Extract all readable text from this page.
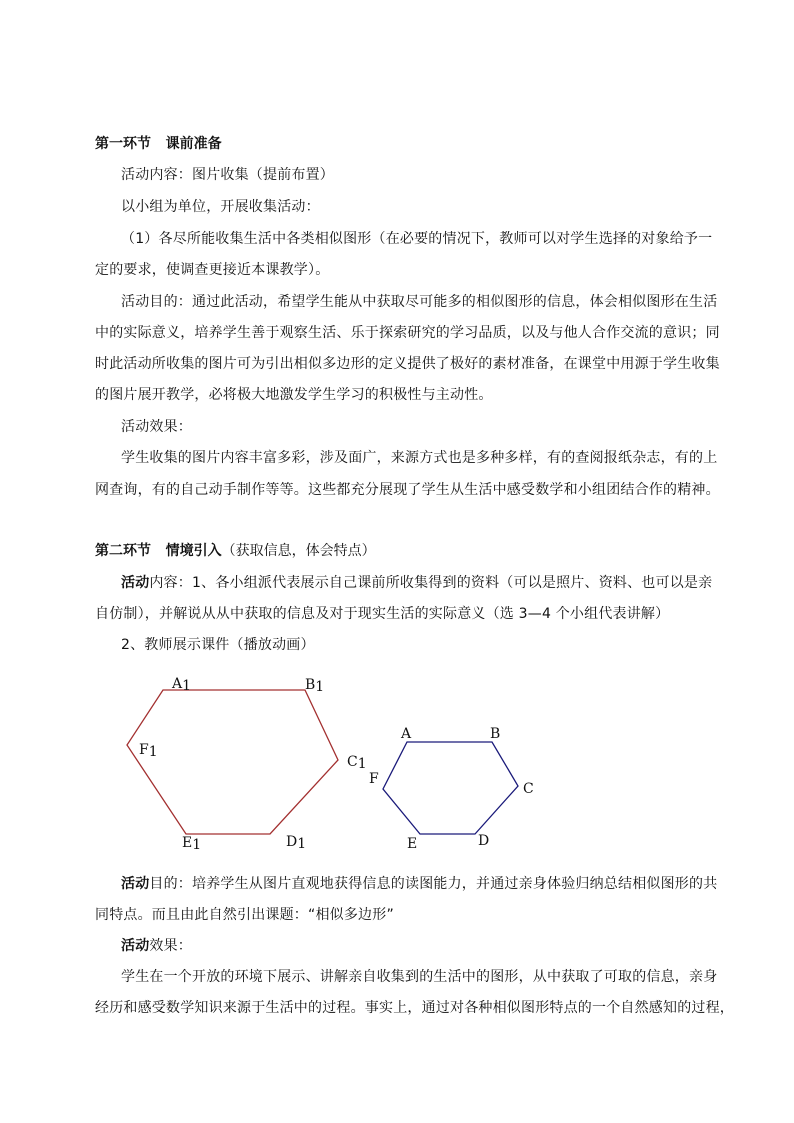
第一环节 课前准备
活动内容：图片收集（提前布置）
以小组为单位，开展收集活动：
（1）各尽所能收集生活中各类相似图形（在必要的情况下，教师可以对学生选择的对象给予一
定的要求，使调查更接近本课教学）。
活动目的：通过此活动，希望学生能从中获取尽可能多的相似图形的信息，体会相似图形在生活
中的实际意义，培养学生善于观察生活、乐于探索研究的学习品质，以及与他人合作交流的意识；同
时此活动所收集的图片可为引出相似多边形的定义提供了极好的素材准备，在课堂中用源于学生收集
的图片展开教学，必将极大地激发学生学习的积极性与主动性。
活动效果：
学生收集的图片内容丰富多彩，涉及面广，来源方式也是多种多样，有的查阅报纸杂志，有的上
网查询，有的自己动手制作等等。这些都充分展现了学生从生活中感受数学和小组团结合作的精神。
第二环节 情境引入（获取信息，体会特点）
活动内容：1、各小组派代表展示自己课前所收集得到的资料（可以是照片、资料、也可以是亲
自仿制），并解说从从中获取的信息及对于现实生活的实际意义（选 3—4 个小组代表讲解）
2、教师展示课件（播放动画）
A1	B1
C1
D1
E1
F1
A	B
C
D
E
F
活动目的：培养学生从图片直观地获得信息的读图能力，并通过亲身体验归纳总结相似图形的共
同特点。而且由此自然引出课题：“相似多边形”
活动效果：
学生在一个开放的环境下展示、讲解亲自收集到的生活中的图形，从中获取了可取的信息，亲身
经历和感受数学知识来源于生活中的过程。事实上，通过对各种相似图形特点的一个自然感知的过程，
